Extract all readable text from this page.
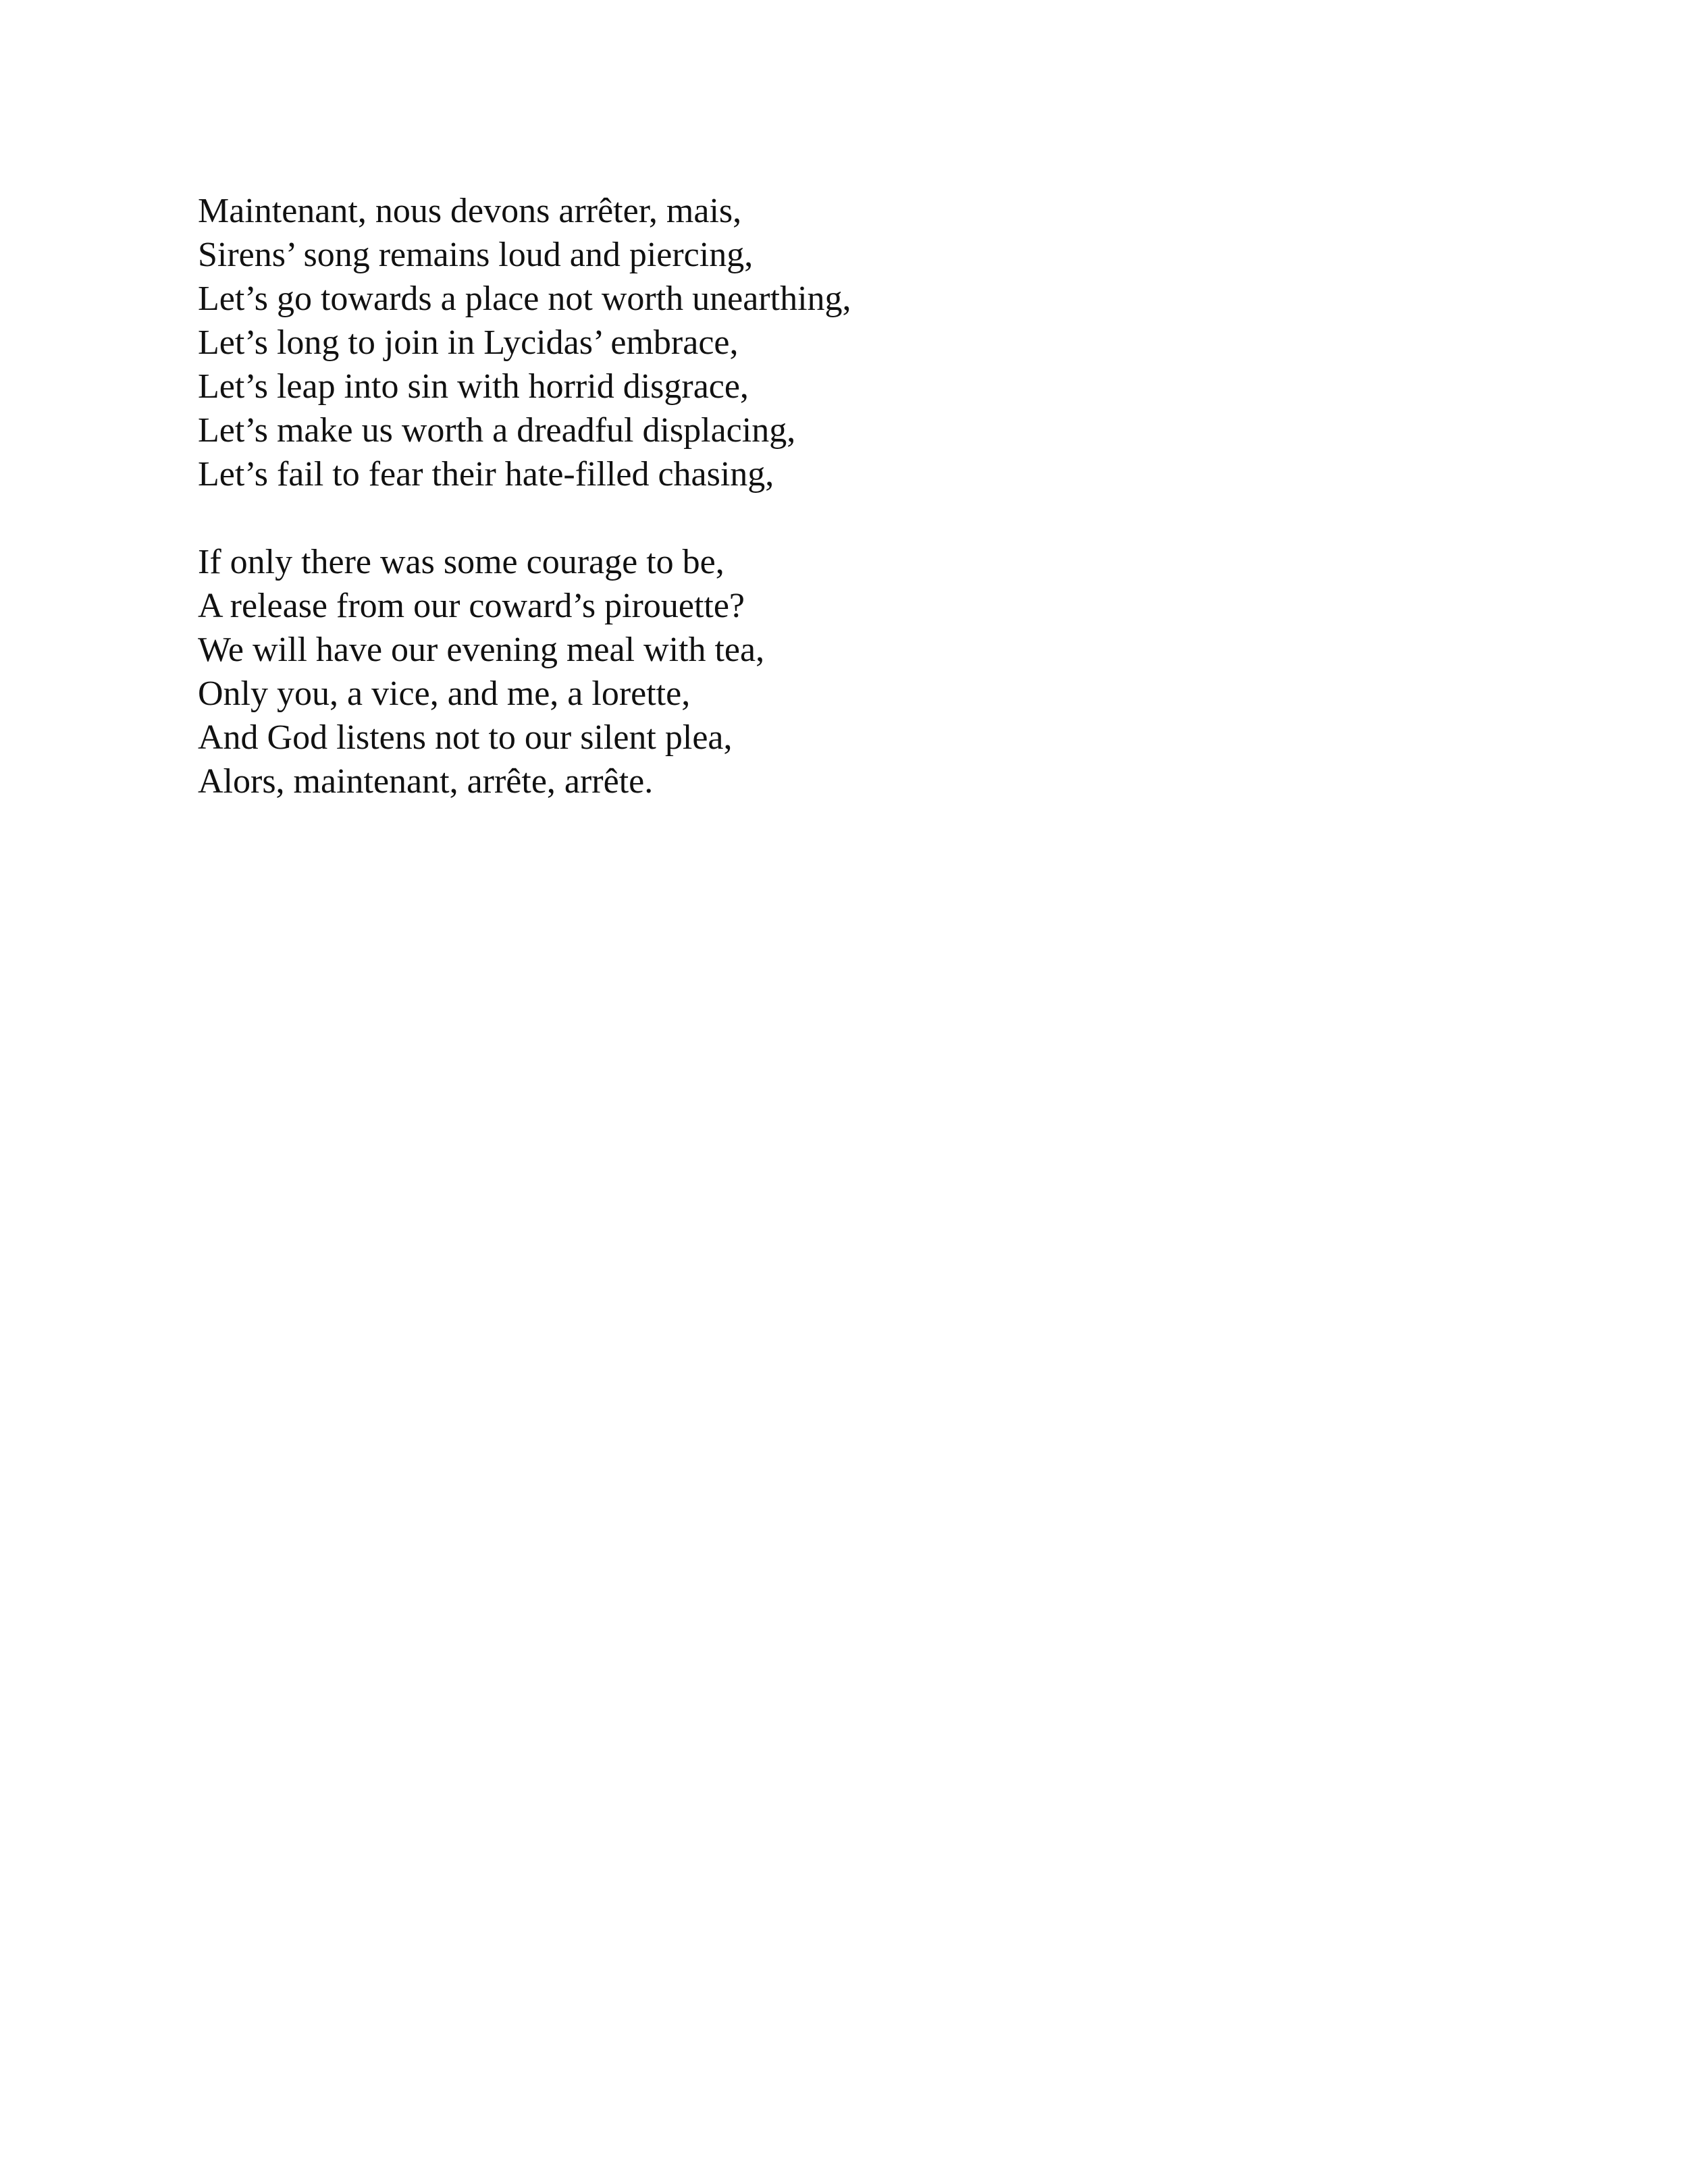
Maintenant, nous devons arrêter, mais,
Sirens’ song remains loud and piercing,
Let’s go towards a place not worth unearthing,
Let’s long to join in Lycidas’ embrace,
Let’s leap into sin with horrid disgrace,
Let’s make us worth a dreadful displacing,
Let’s fail to fear their hate-filled chasing,

If only there was some courage to be,
A release from our coward’s pirouette?
We will have our evening meal with tea,
Only you, a vice, and me, a lorette,
And God listens not to our silent plea,
Alors, maintenant, arrête, arrête.
